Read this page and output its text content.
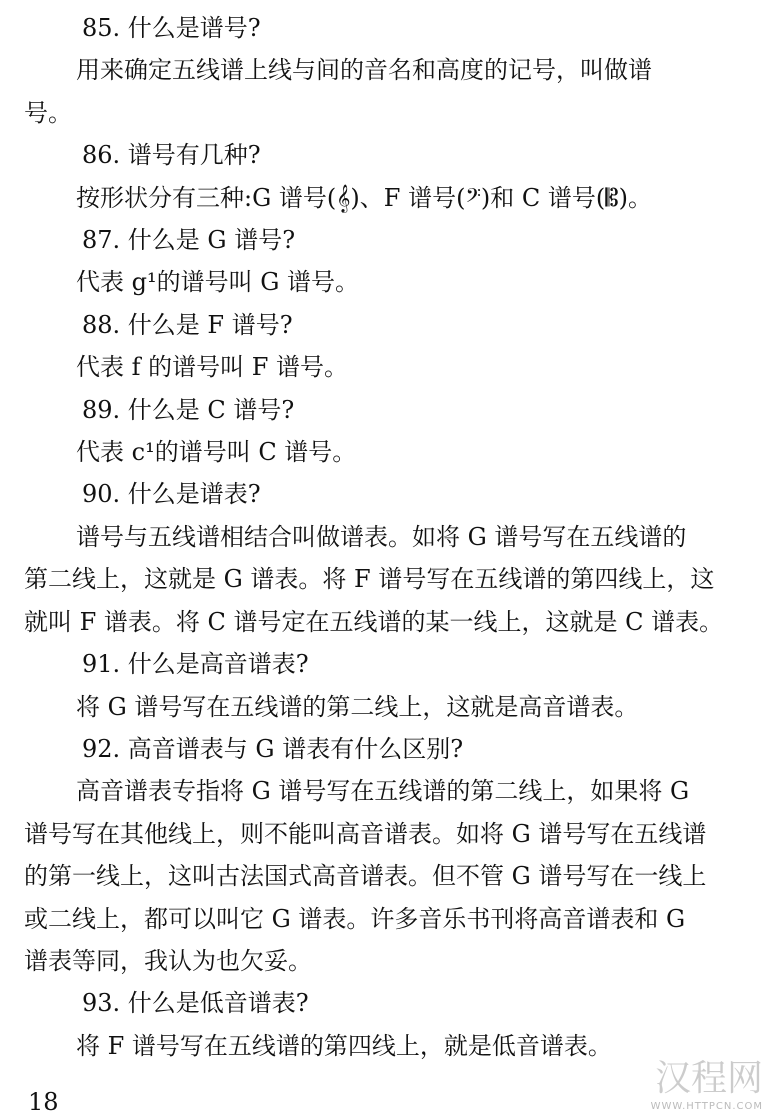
85. 什么是谱号?
用来确定五线谱上线与间的音名和高度的记号，叫做谱
号。
86. 谱号有几种?
按形状分有三种:G 谱号(𝄞)、F 谱号(𝄢)和 C 谱号(𝄡)。
87. 什么是 G 谱号?
代表 g¹的谱号叫 G 谱号。
88. 什么是 F 谱号?
代表 f 的谱号叫 F 谱号。
89. 什么是 C 谱号?
代表 c¹的谱号叫 C 谱号。
90. 什么是谱表?
谱号与五线谱相结合叫做谱表。如将 G 谱号写在五线谱的
第二线上，这就是 G 谱表。将 F 谱号写在五线谱的第四线上，这
就叫 F 谱表。将 C 谱号定在五线谱的某一线上，这就是 C 谱表。
91. 什么是高音谱表?
将 G 谱号写在五线谱的第二线上，这就是高音谱表。
92. 高音谱表与 G 谱表有什么区别?
高音谱表专指将 G 谱号写在五线谱的第二线上，如果将 G
谱号写在其他线上，则不能叫高音谱表。如将 G 谱号写在五线谱
的第一线上，这叫古法国式高音谱表。但不管 G 谱号写在一线上
或二线上，都可以叫它 G 谱表。许多音乐书刊将高音谱表和 G
谱表等同，我认为也欠妥。
93. 什么是低音谱表?
将 F 谱号写在五线谱的第四线上，就是低音谱表。
18
汉程网
WWW.HTTPCN.COM
